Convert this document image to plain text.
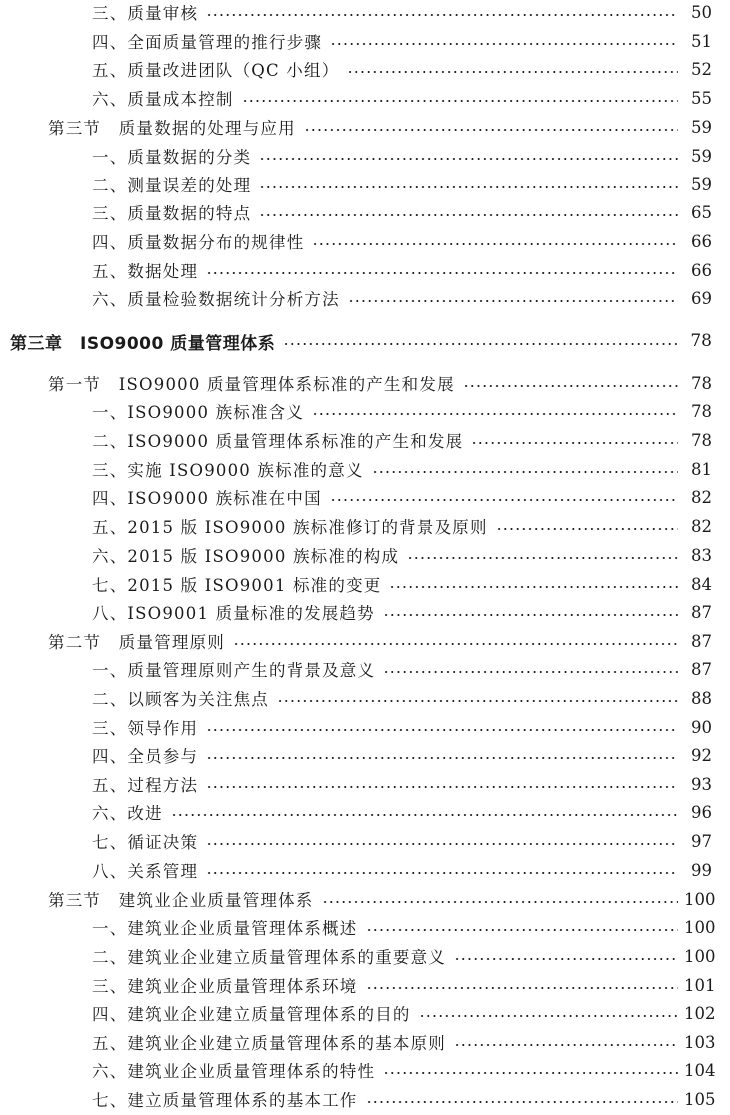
三、质量审核	50
四、全面质量管理的推行步骤	51
五、质量改进团队（QC 小组）	52
六、质量成本控制	55
第三节　质量数据的处理与应用	59
一、质量数据的分类	59
二、测量误差的处理	59
三、质量数据的特点	65
四、质量数据分布的规律性	66
五、数据处理	66
六、质量检验数据统计分析方法	69
第三章　ISO9000 质量管理体系	78
第一节　ISO9000 质量管理体系标准的产生和发展	78
一、ISO9000 族标准含义	78
二、ISO9000 质量管理体系标准的产生和发展	78
三、实施 ISO9000 族标准的意义	81
四、ISO9000 族标准在中国	82
五、2015 版 ISO9000 族标准修订的背景及原则	82
六、2015 版 ISO9000 族标准的构成	83
七、2015 版 ISO9001 标准的变更	84
八、ISO9001 质量标准的发展趋势	87
第二节　质量管理原则	87
一、质量管理原则产生的背景及意义	87
二、以顾客为关注焦点	88
三、领导作用	90
四、全员参与	92
五、过程方法	93
六、改进	96
七、循证决策	97
八、关系管理	99
第三节　建筑业企业质量管理体系	100
一、建筑业企业质量管理体系概述	100
二、建筑业企业建立质量管理体系的重要意义	100
三、建筑业企业质量管理体系环境	101
四、建筑业企业建立质量管理体系的目的	102
五、建筑业企业建立质量管理体系的基本原则	103
六、建筑业企业质量管理体系的特性	104
七、建立质量管理体系的基本工作	105
